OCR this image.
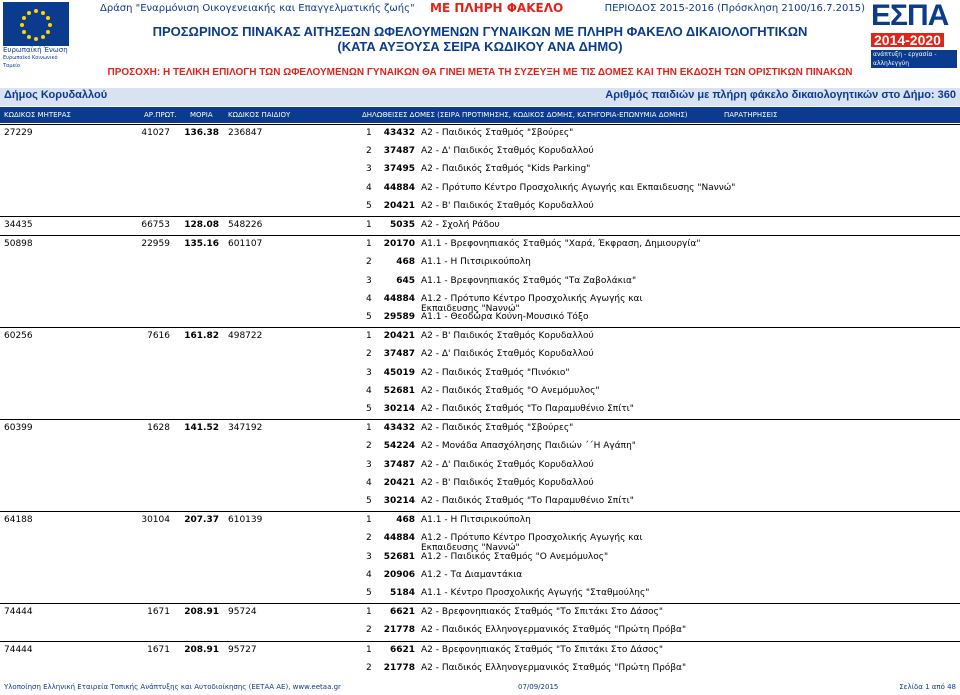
Ευρωπαϊκή Ένωση
Ευρωπαϊκό Κοινωνικό Ταμείο
Δράση "Εναρμόνιση Οικογενειακής και Επαγγελματικής ζωής" ΜΕ ΠΛΗΡΗ ΦΑΚΕΛΟ	ΠΕΡΙΟΔΟΣ 2015-2016 (Πρόσκληση 2100/16.7.2015)
ΠΡΟΣΩΡΙΝΟΣ ΠΙΝΑΚΑΣ ΑΙΤΗΣΕΩΝ ΩΦΕΛΟΥΜΕΝΩΝ ΓΥΝΑΙΚΩΝ ΜΕ ΠΛΗΡΗ ΦΑΚΕΛΟ ΔΙΚΑΙΟΛΟΓΗΤΙΚΩΝ
(ΚΑΤΑ ΑΥΞΟΥΣΑ ΣΕΙΡΑ ΚΩΔΙΚΟΥ ΑΝΑ ΔΗΜΟ)
ΕΣΠΑ
2014-2020
ανάπτυξη - εργασία - αλληλεγγύη
ΠΡΟΣΟΧΗ: Η ΤΕΛΙΚΗ ΕΠΙΛΟΓΗ ΤΩΝ ΩΦΕΛΟΥΜΕΝΩΝ ΓΥΝΑΙΚΩΝ ΘΑ ΓΙΝΕΙ ΜΕΤΑ ΤΗ ΣΥΖΕΥΞΗ ΜΕ ΤΙΣ ΔΟΜΕΣ ΚΑΙ ΤΗΝ ΕΚΔΟΣΗ ΤΩΝ ΟΡΙΣΤΙΚΩΝ ΠΙΝΑΚΩΝ
Δήμος Κορυδαλλού	Αριθμός παιδιών με πλήρη φάκελο δικαιολογητικών στο Δήμο: 360
ΚΩΔΙΚΟΣ ΜΗΤΕΡΑΣ	ΑΡ.ΠΡΩΤ. ΜΟΡΙΑ ΚΩΔΙΚΟΣ ΠΑΙΔΙΟΥ	ΔΗΛΩΘΕΙΣΕΣ ΔΟΜΕΣ (ΣΕΙΡΑ ΠΡΟΤΙΜΗΣΗΣ, ΚΩΔΙΚΟΣ ΔΟΜΗΣ, ΚΑΤΗΓΟΡΙΑ-ΕΠΩΝΥΜΙΑ ΔΟΜΗΣ)	ΠΑΡΑΤΗΡΗΣΕΙΣ
27229	41027	136.38 236847	1	43432 Α2 - Παιδικός Σταθμός "Σβούρες"
2	37487 Α2 - Δ' Παιδικός Σταθμός Κορυδαλλού
3	37495 Α2 - Παιδικός Σταθμός "Kids Parking"
4	44884 Α2 - Πρότυπο Κέντρο Προσχολικής Αγωγής και Εκπαιδευσης "Νаννώ"
5	20421 Α2 - Β' Παιδικός Σταθμός Κορυδαλλού
34435	66753	128.08 548226	1	5035 Α2 - Σχολή Ράδου
50898	22959	135.16 601107	1	20170 Α1.1 - Βρεφονηπιακός Σταθμός "Χαρά, Έκφραση, Δημιουργία"
2	468 Α1.1 - Η Πιτσιρικούπολη
3	645 Α1.1 - Βρεφονηπιακός Σταθμός "Τα Ζαβολάκια"
4	44884 Α1.2 - Πρότυπο Κέντρο Προσχολικής Αγωγής και Εκπαιδευσης "Νаννώ"
5	29589 Α1.1 - Θεοδώρα Κούνη-Μουσικό Τόξο
60256	7616	161.82 498722	1	20421 Α2 - Β' Παιδικός Σταθμός Κορυδαλλού
2	37487 Α2 - Δ' Παιδικός Σταθμός Κορυδαλλού
3	45019 Α2 - Παιδικός Σταθμός "Πινόκιο"
4	52681 Α2 - Παιδικός Σταθμός "Ο Ανεμόμυλος"
5	30214 Α2 - Παιδικός Σταθμός "Το Παραμυθένιο Σπίτι"
60399	1628	141.52 347192	1	43432 Α2 - Παιδικός Σταθμός "Σβούρες"
2	54224 Α2 - Μονάδα Απασχόλησης Παιδιών ΄΄Η Αγάπη"
3	37487 Α2 - Δ' Παιδικός Σταθμός Κορυδαλλού
4	20421 Α2 - Β' Παιδικός Σταθμός Κορυδαλλού
5	30214 Α2 - Παιδικός Σταθμός "Το Παραμυθένιο Σπίτι"
64188	30104	207.37 610139	1	468 Α1.1 - Η Πιτσιρικούπολη
2	44884 Α1.2 - Πρότυπο Κέντρο Προσχολικής Αγωγής και Εκπαιδευσης "Νаννώ"
3	52681 Α1.2 - Παιδικός Σταθμός "Ο Ανεμόμυλος"
4	20906 Α1.2 - Τα Διαμαντάκια
5	5184 Α1.1 - Κέντρο Προσχολικής Αγωγής "Σταθμούλης"
74444	1671	208.91 95724	1	6621 Α2 - Βρεφονηπιακός Σταθμός "Το Σπιτάκι Στο Δάσος"
2	21778 Α2 - Παιδικός Ελληνογερμανικός Σταθμός "Πρώτη Πρόβα"
74444	1671	208.91 95727	1	6621 Α2 - Βρεφονηπιακός Σταθμός "Το Σπιτάκι Στο Δάσος"
2	21778 Α2 - Παιδικός Ελληνογερμανικός Σταθμός "Πρώτη Πρόβα"
Υλοποίηση Ελληνική Εταιρεία Τοπικής Ανάπτυξης και Αυτοδιοίκησης (ΕΕΤΑΑ ΑΕ), www.eetaa.gr	07/09/2015	Σελίδα 1 από 48
